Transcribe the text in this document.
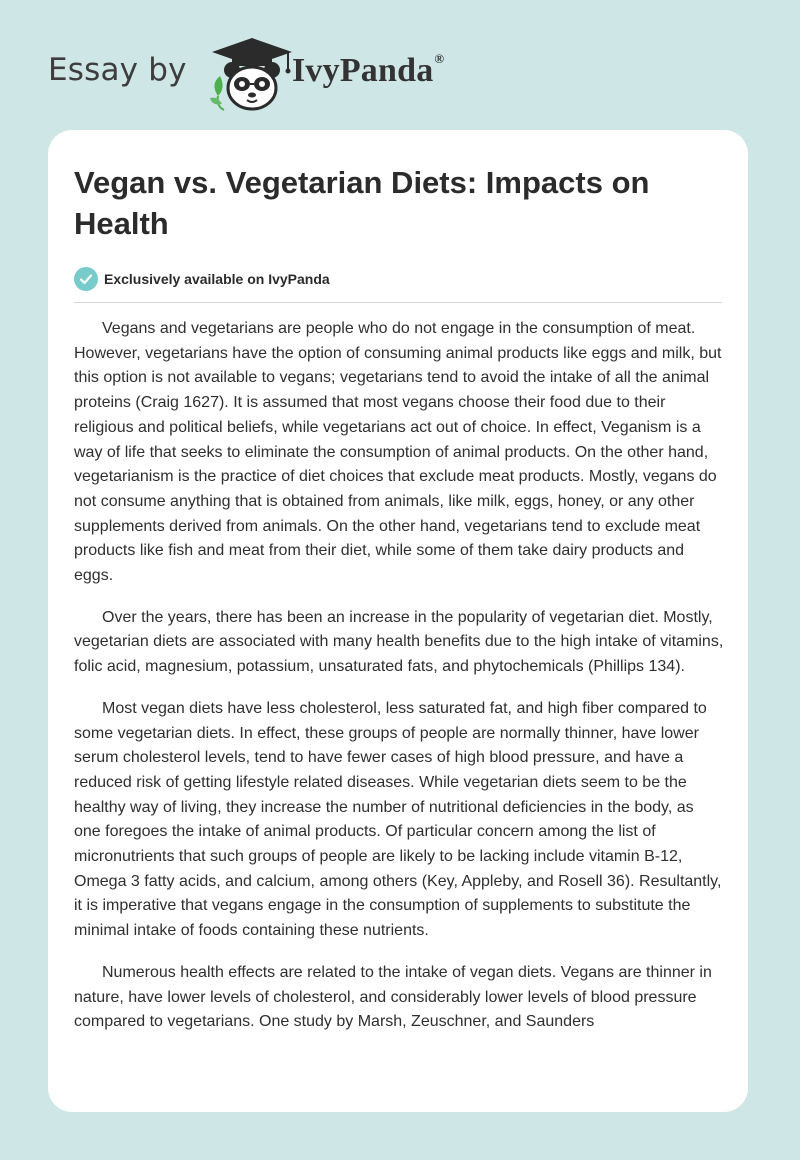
Essay by	IvyPanda®
Vegan vs. Vegetarian Diets: Impacts on Health
Exclusively available on IvyPanda

Vegans and vegetarians are people who do not engage in the consumption of meat. However, vegetarians have the option of consuming animal products like eggs and milk, but this option is not available to vegans; vegetarians tend to avoid the intake of all the animal proteins (Craig 1627). It is assumed that most vegans choose their food due to their religious and political beliefs, while vegetarians act out of choice. In effect, Veganism is a way of life that seeks to eliminate the consumption of animal products. On the other hand, vegetarianism is the practice of diet choices that exclude meat products. Mostly, vegans do not consume anything that is obtained from animals, like milk, eggs, honey, or any other supplements derived from animals. On the other hand, vegetarians tend to exclude meat products like fish and meat from their diet, while some of them take dairy products and eggs.

Over the years, there has been an increase in the popularity of vegetarian diet. Mostly, vegetarian diets are associated with many health benefits due to the high intake of vitamins, folic acid, magnesium, potassium, unsaturated fats, and phytochemicals (Phillips 134).

Most vegan diets have less cholesterol, less saturated fat, and high fiber compared to some vegetarian diets. In effect, these groups of people are normally thinner, have lower serum cholesterol levels, tend to have fewer cases of high blood pressure, and have a reduced risk of getting lifestyle related diseases. While vegetarian diets seem to be the healthy way of living, they increase the number of nutritional deficiencies in the body, as one foregoes the intake of animal products. Of particular concern among the list of micronutrients that such groups of people are likely to be lacking include vitamin B-12, Omega 3 fatty acids, and calcium, among others (Key, Appleby, and Rosell 36). Resultantly, it is imperative that vegans engage in the consumption of supplements to substitute the minimal intake of foods containing these nutrients.

Numerous health effects are related to the intake of vegan diets. Vegans are thinner in nature, have lower levels of cholesterol, and considerably lower levels of blood pressure compared to vegetarians. One study by Marsh, Zeuschner, and Saunders
